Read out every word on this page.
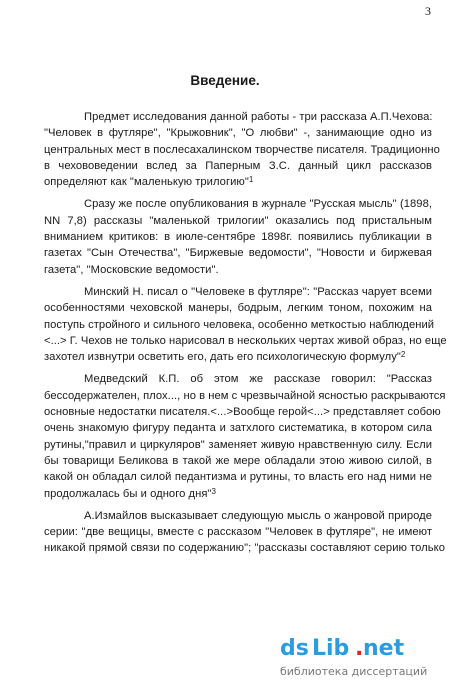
3
Введение.
Предмет исследования данной работы - три рассказа А.П.Чехова:
"Человек в футляре", "Крыжовник", "О любви" -, занимающие одно из
центральных мест в послесахалинском творчестве писателя. Традиционно
в чехововедении вслед за Паперным З.С. данный цикл рассказов
определяют как "маленькую трилогию"$^1$
Сразу же после опубликования в журнале "Русская мысль" (1898,
NN 7,8) рассказы "маленькой трилогии" оказались под пристальным
вниманием критиков: в июле-сентябре 1898г. появились публикации в
газетах "Сын Отечества", "Биржевые ведомости", "Новости и биржевая
газета", "Московские ведомости".
Минский Н. писал о "Человеке в футляре": "Рассказ чарует всеми
особенностями чеховской манеры, бодрым, легким тоном, похожим на
поступь стройного и сильного человека, особенно меткостью наблюдений
<...> Г. Чехов не только нарисовал в нескольких чертах живой образ, но еще
захотел извнутри осветить его, дать его психологическую формулу"$^2$
Медведский К.П. об этом же рассказе говорил: "Рассказ
бессодержателен, плох..., но в нем с чрезвычайной ясностью раскрываются
основные недостатки писателя.<...>Вообще герой<...> представляет собою
очень знакомую фигуру педанта и затхлого систематика, в котором сила
рутины,"правил и циркуляров" заменяет живую нравственную силу. Если
бы товарищи Беликова в такой же мере обладали этою живою силой, в
какой он обладал силой педантизма и рутины, то власть его над ними не
продолжалась бы и одного дня"$^3$
А.Измайлов высказывает следующую мысль о жанровой природе
серии: "две вещицы, вместе с рассказом "Человек в футляре", не имеют
никакой прямой связи по содержанию"; "рассказы составляют серию только
ds Lib . net
библиотека диссертаций
